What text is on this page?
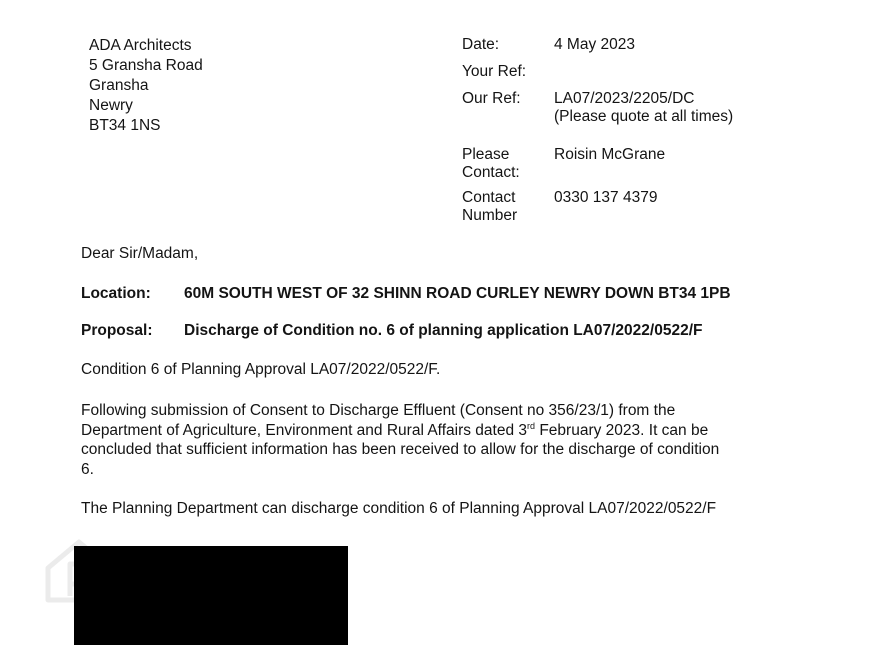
ADA Architects
5 Gransha Road
Gransha
Newry
BT34 1NS
Date:	4 May 2023
Your Ref:
Our Ref: LA07/2023/2205/DC
(Please quote at all times)
Please
Contact:
Roisin McGrane
Contact
Number
0330 137 4379
Dear Sir/Madam,
Location: 60M SOUTH WEST OF 32 SHINN ROAD CURLEY NEWRY DOWN BT34 1PB
Proposal: Discharge of Condition no. 6 of planning application LA07/2022/0522/F
Condition 6 of Planning Approval LA07/2022/0522/F.
Following submission of Consent to Discharge Effluent (Consent no 356/23/1) from the
Department of Agriculture, Environment and Rural Affairs dated 3rd February 2023. It can be
concluded that sufficient information has been received to allow for the discharge of condition
6.
The Planning Department can discharge condition 6 of Planning Approval LA07/2022/0522/F
